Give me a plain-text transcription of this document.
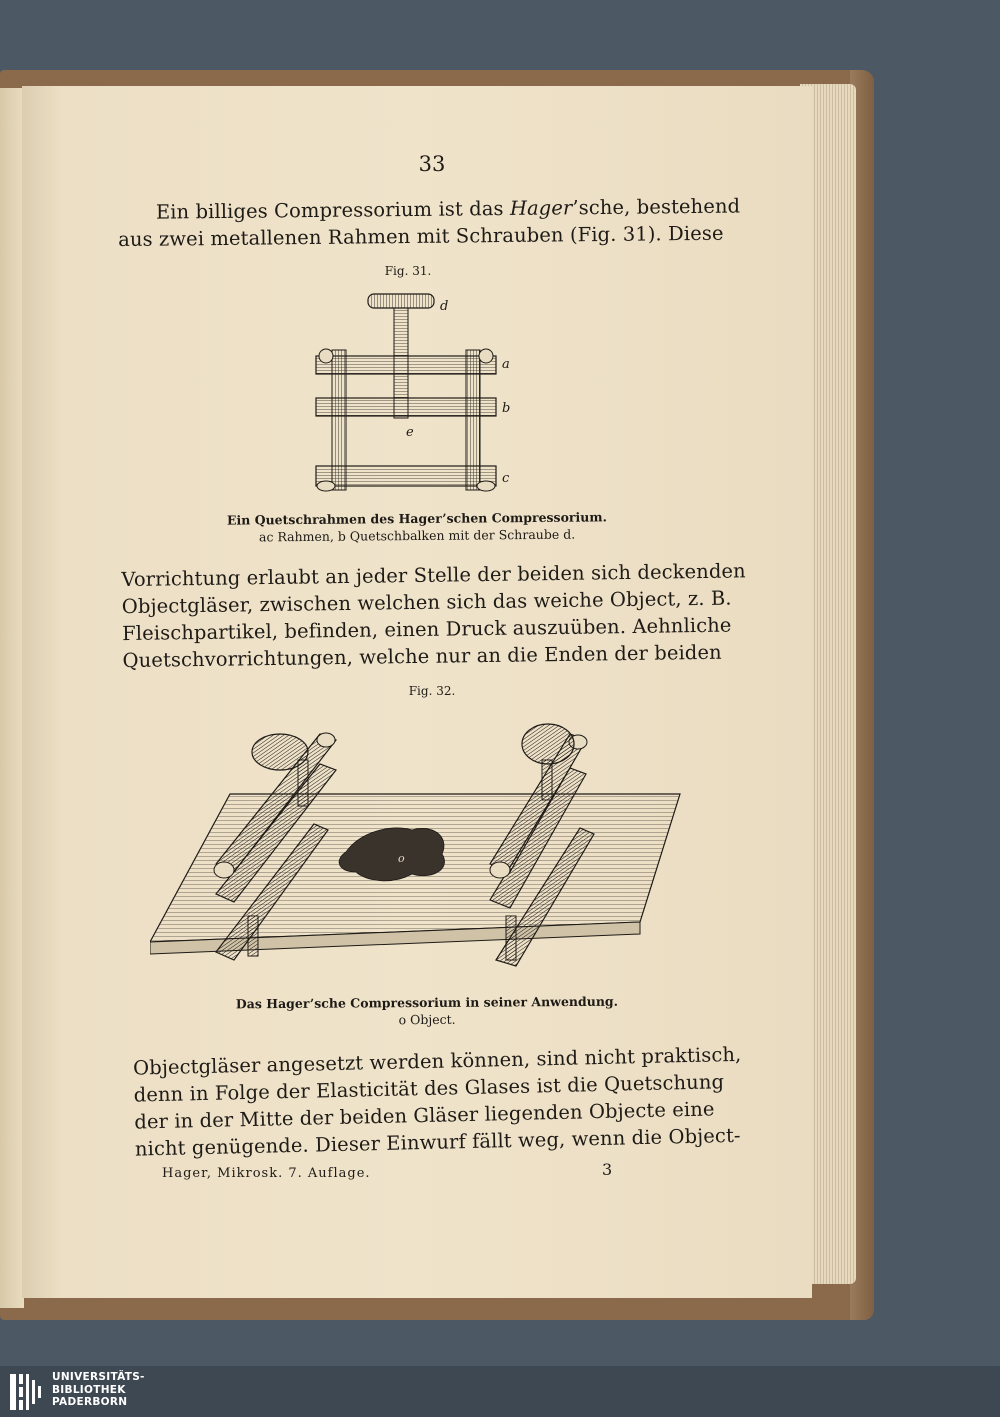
33
Ein billiges Compressorium ist das Hager’sche, bestehend
aus zwei metallenen Rahmen mit Schrauben (Fig. 31). Diese
Fig. 31.
d
a
b
e
c
Ein Quetschrahmen des Hager’schen Compressorium.
ac Rahmen, b Quetschbalken mit der Schraube d.
Vorrichtung erlaubt an jeder Stelle der beiden sich deckenden
Objectgläser, zwischen welchen sich das weiche Object, z. B.
Fleischpartikel, befinden, einen Druck auszuüben. Aehnliche
Quetschvorrichtungen, welche nur an die Enden der beiden
Fig. 32.
o
Das Hager’sche Compressorium in seiner Anwendung.
o Object.
Objectgläser angesetzt werden können, sind nicht praktisch,
denn in Folge der Elasticität des Glases ist die Quetschung
der in der Mitte der beiden Gläser liegenden Objecte eine
nicht genügende. Dieser Einwurf fällt weg, wenn die Object-
Hager, Mikrosk. 7. Auflage.	3
UNIVERSITÄTS-
BIBLIOTHEK
PADERBORN
